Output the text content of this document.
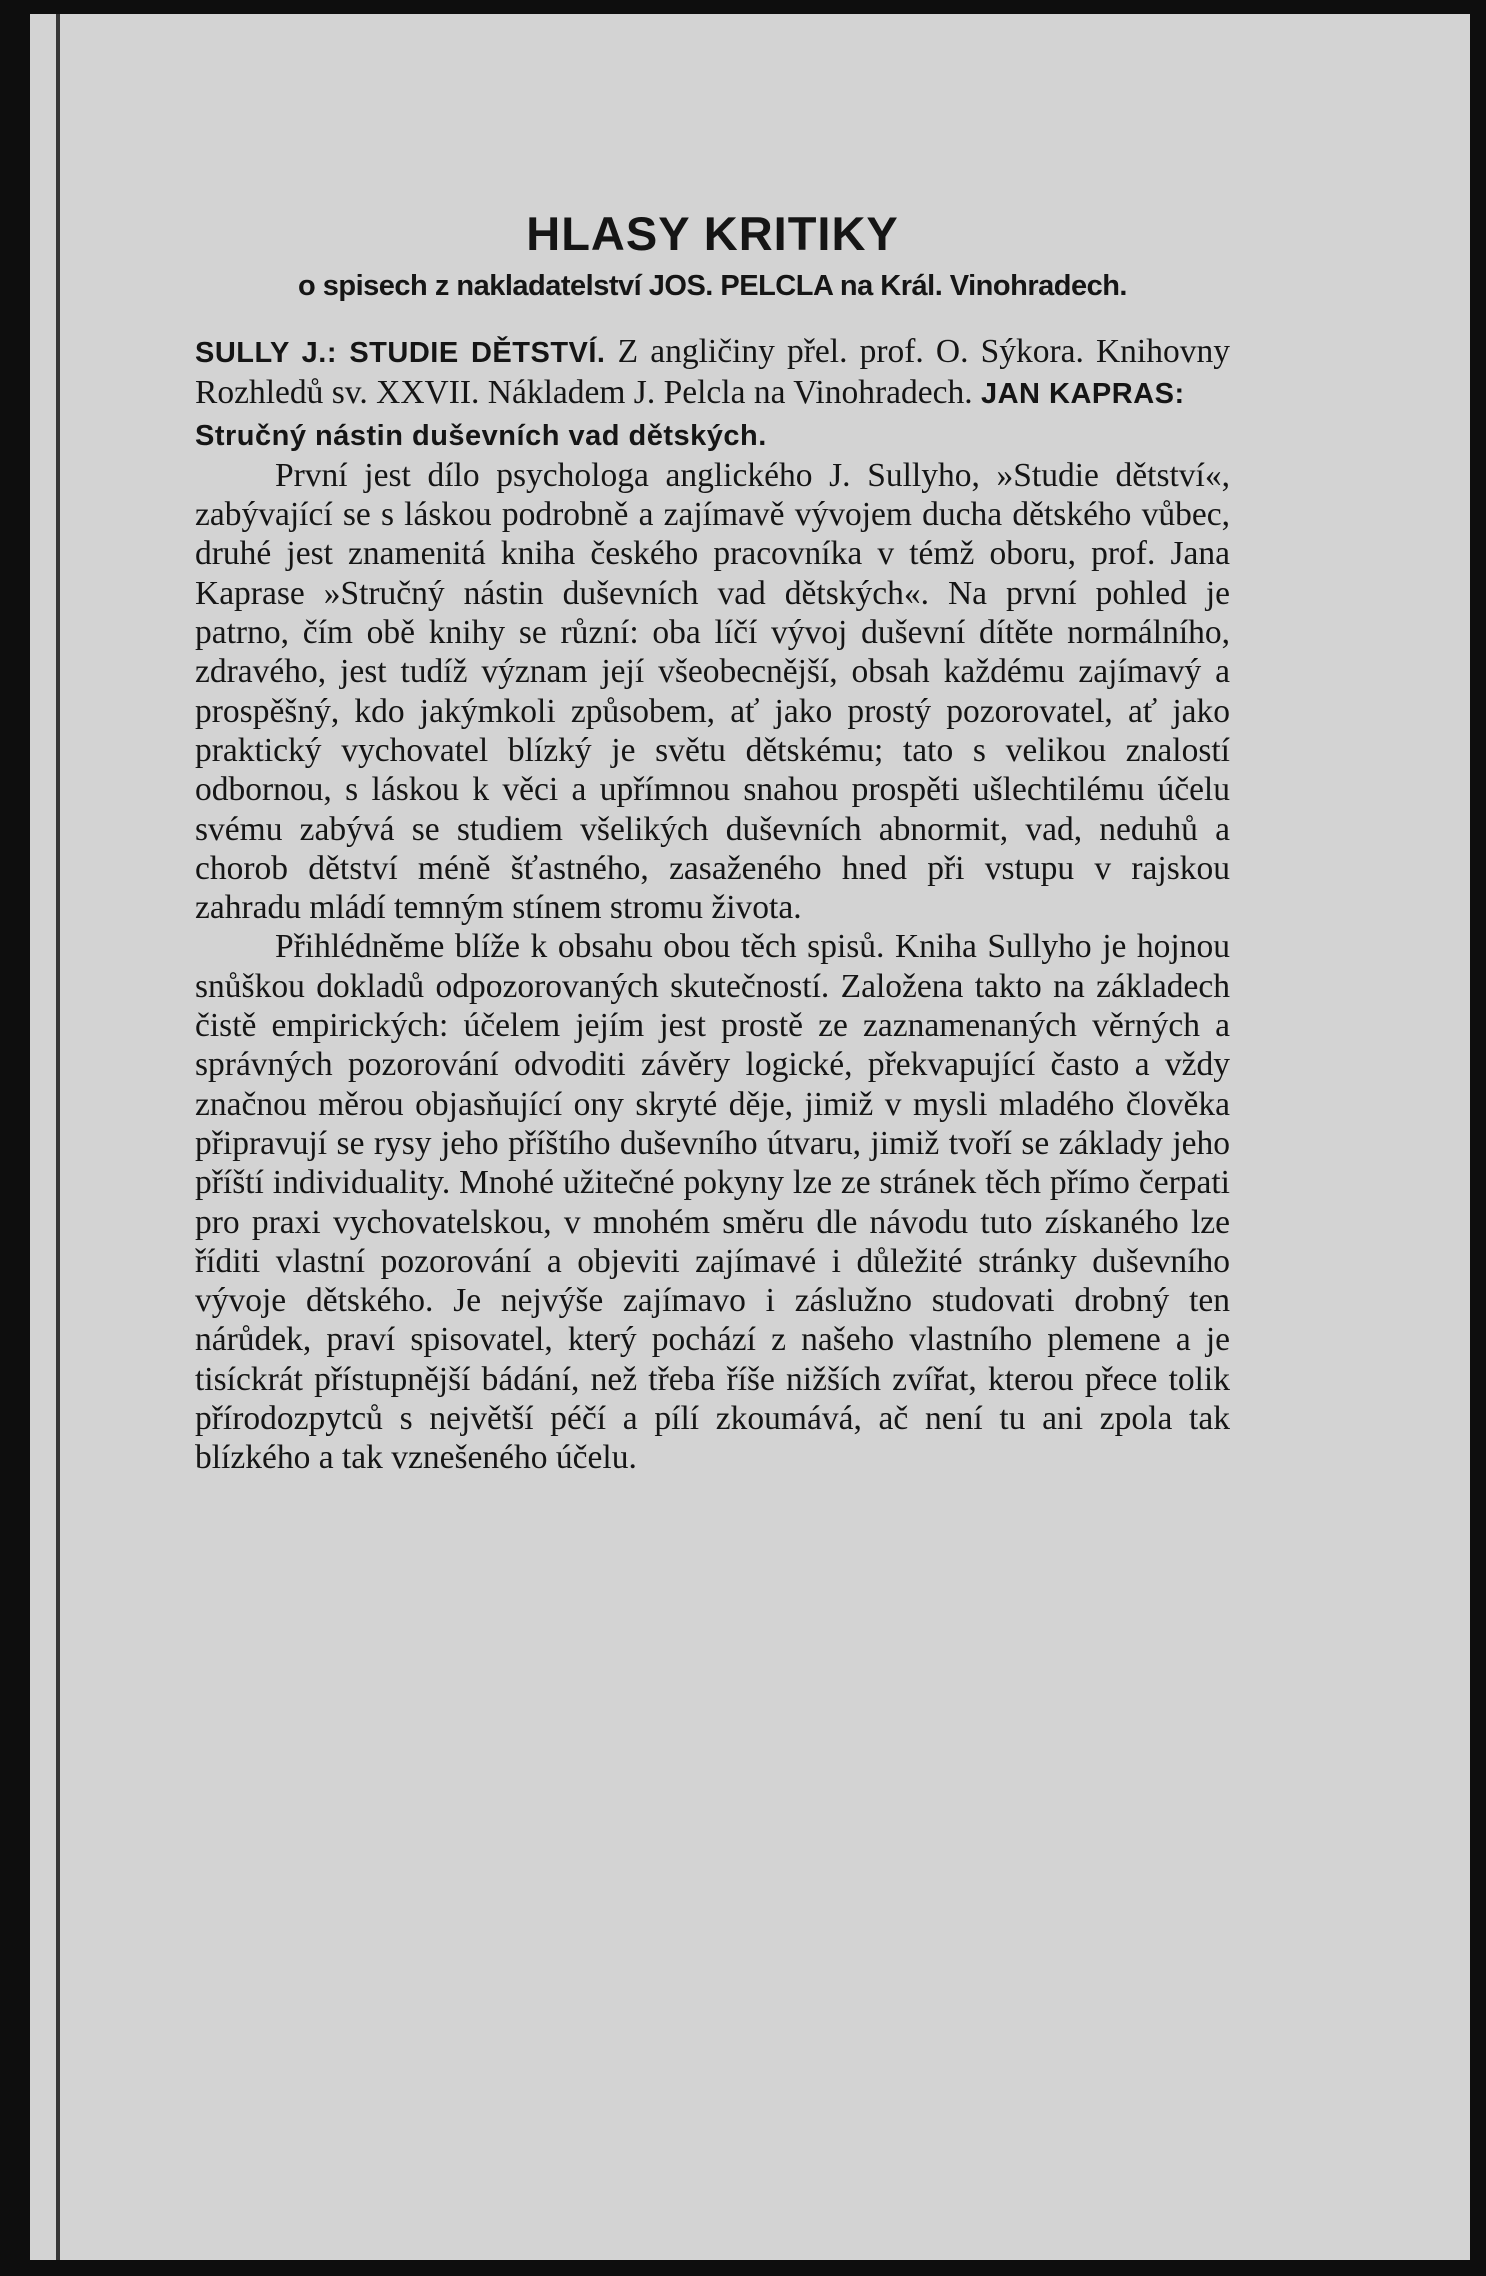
HLASY KRITIKY

o spisech z nakladatelství JOS. PELCLA na Král. Vinohradech.

SULLY J.: STUDIE DĚTSTVÍ. Z angličiny přel. prof. O. Sýkora. Knihovny Rozhledů sv. XXVII. Nákladem J. Pelcla na Vinohradech. JAN KAPRAS:
Stručný nástin duševních vad dětských.

První jest dílo psychologa anglického J. Sullyho, »Studie dětství«, zabývající se s láskou podrobně a zajímavě vývojem ducha dětského vůbec, druhé jest znamenitá kniha českého pracovníka v témž oboru, prof. Jana Kaprase »Stručný nástin duševních vad dětských«. Na první pohled je patrno, čím obě knihy se různí: oba líčí vývoj duševní dítěte normálního, zdravého, jest tudíž význam její všeobecnější, obsah každému zajímavý a prospěšný, kdo jakýmkoli způsobem, ať jako prostý pozorovatel, ať jako praktický vychovatel blízký je světu dětskému; tato s velikou znalostí odbornou, s láskou k věci a upřímnou snahou prospěti ušlechtilému účelu svému zabývá se studiem všelikých duševních abnormit, vad, neduhů a chorob dětství méně šťastného, zasaženého hned při vstupu v rajskou zahradu mládí temným stínem stromu života.

Přihlédněme blíže k obsahu obou těch spisů. Kniha Sullyho je hojnou snůškou dokladů odpozorovaných skutečností. Založena takto na základech čistě empirických: účelem jejím jest prostě ze zaznamenaných věrných a správných pozorování odvoditi závěry logické, překvapující často a vždy značnou měrou objasňující ony skryté děje, jimiž v mysli mladého člověka připravují se rysy jeho příštího duševního útvaru, jimiž tvoří se základy jeho příští individuality. Mnohé užitečné pokyny lze ze stránek těch přímo čerpati pro praxi vychovatelskou, v mnohém směru dle návodu tuto získaného lze říditi vlastní pozorování a objeviti zajímavé i důležité stránky duševního vývoje dětského. Je nejvýše zajímavo i záslužno studovati drobný ten nárůdek, praví spisovatel, který pochází z našeho vlastního plemene a je tisíckrát přístupnější bádání, než třeba říše nižších zvířat, kterou přece tolik přírodozpytců s největší péčí a pílí zkoumává, ač není tu ani zpola tak blízkého a tak vznešeného účelu.
